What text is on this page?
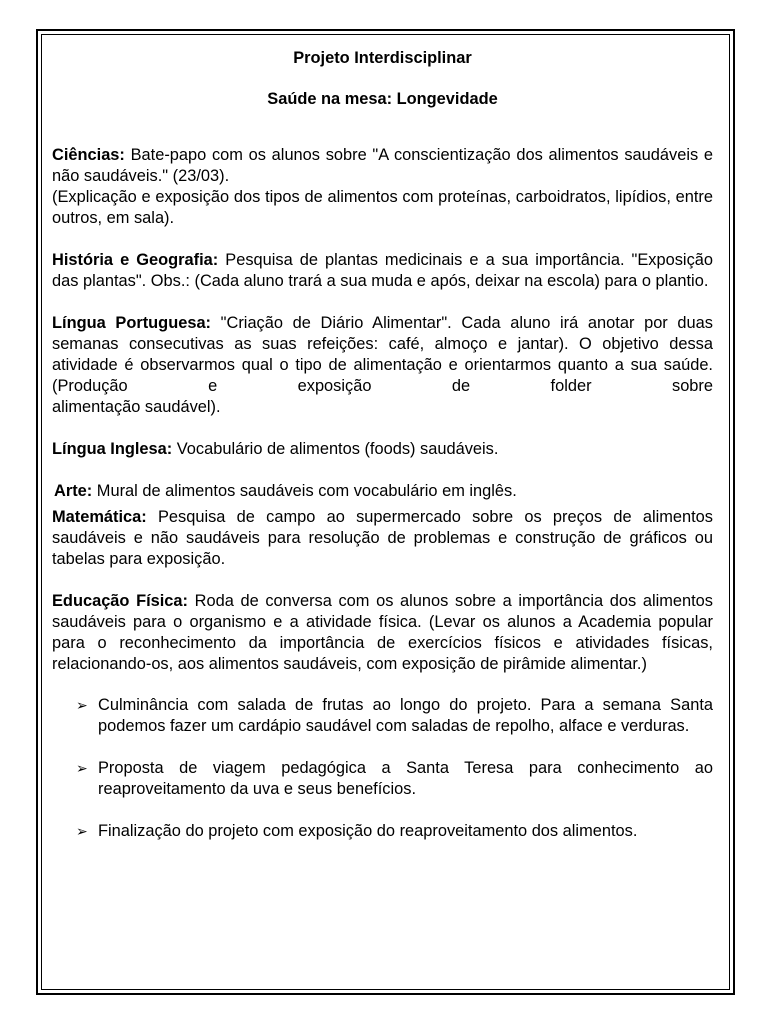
Projeto Interdisciplinar

Saúde na mesa: Longevidade

Ciências: Bate-papo com os alunos sobre "A conscientização dos alimentos saudáveis e não saudáveis." (23/03).

(Explicação e exposição dos tipos de alimentos com proteínas, carboidratos, lipídios, entre outros, em sala).

História e Geografia: Pesquisa de plantas medicinais e a sua importância. "Exposição das plantas". Obs.: (Cada aluno trará a sua muda e após, deixar na escola) para o plantio.

Língua Portuguesa: "Criação de Diário Alimentar". Cada aluno irá anotar por duas semanas consecutivas as suas refeições: café, almoço e jantar). O objetivo dessa atividade é observarmos qual o tipo de alimentação e orientarmos quanto a sua saúde. (Produção e exposição de folder sobre

alimentação saudável).

Língua Inglesa: Vocabulário de alimentos (foods) saudáveis.

Arte: Mural de alimentos saudáveis com vocabulário em inglês.

Matemática: Pesquisa de campo ao supermercado sobre os preços de alimentos saudáveis e não saudáveis para resolução de problemas e construção de gráficos ou tabelas para exposição.

Educação Física: Roda de conversa com os alunos sobre a importância dos alimentos saudáveis para o organismo e a atividade física. (Levar os alunos a Academia popular para o reconhecimento da importância de exercícios físicos e atividades físicas, relacionando-os, aos alimentos saudáveis, com exposição de pirâmide alimentar.)

➢ Culminância com salada de frutas ao longo do projeto. Para a semana Santa podemos fazer um cardápio saudável com saladas de repolho, alface e verduras.
➢ Proposta de viagem pedagógica a Santa Teresa para conhecimento ao reaproveitamento da uva e seus benefícios.
➢ Finalização do projeto com exposição do reaproveitamento dos alimentos.
